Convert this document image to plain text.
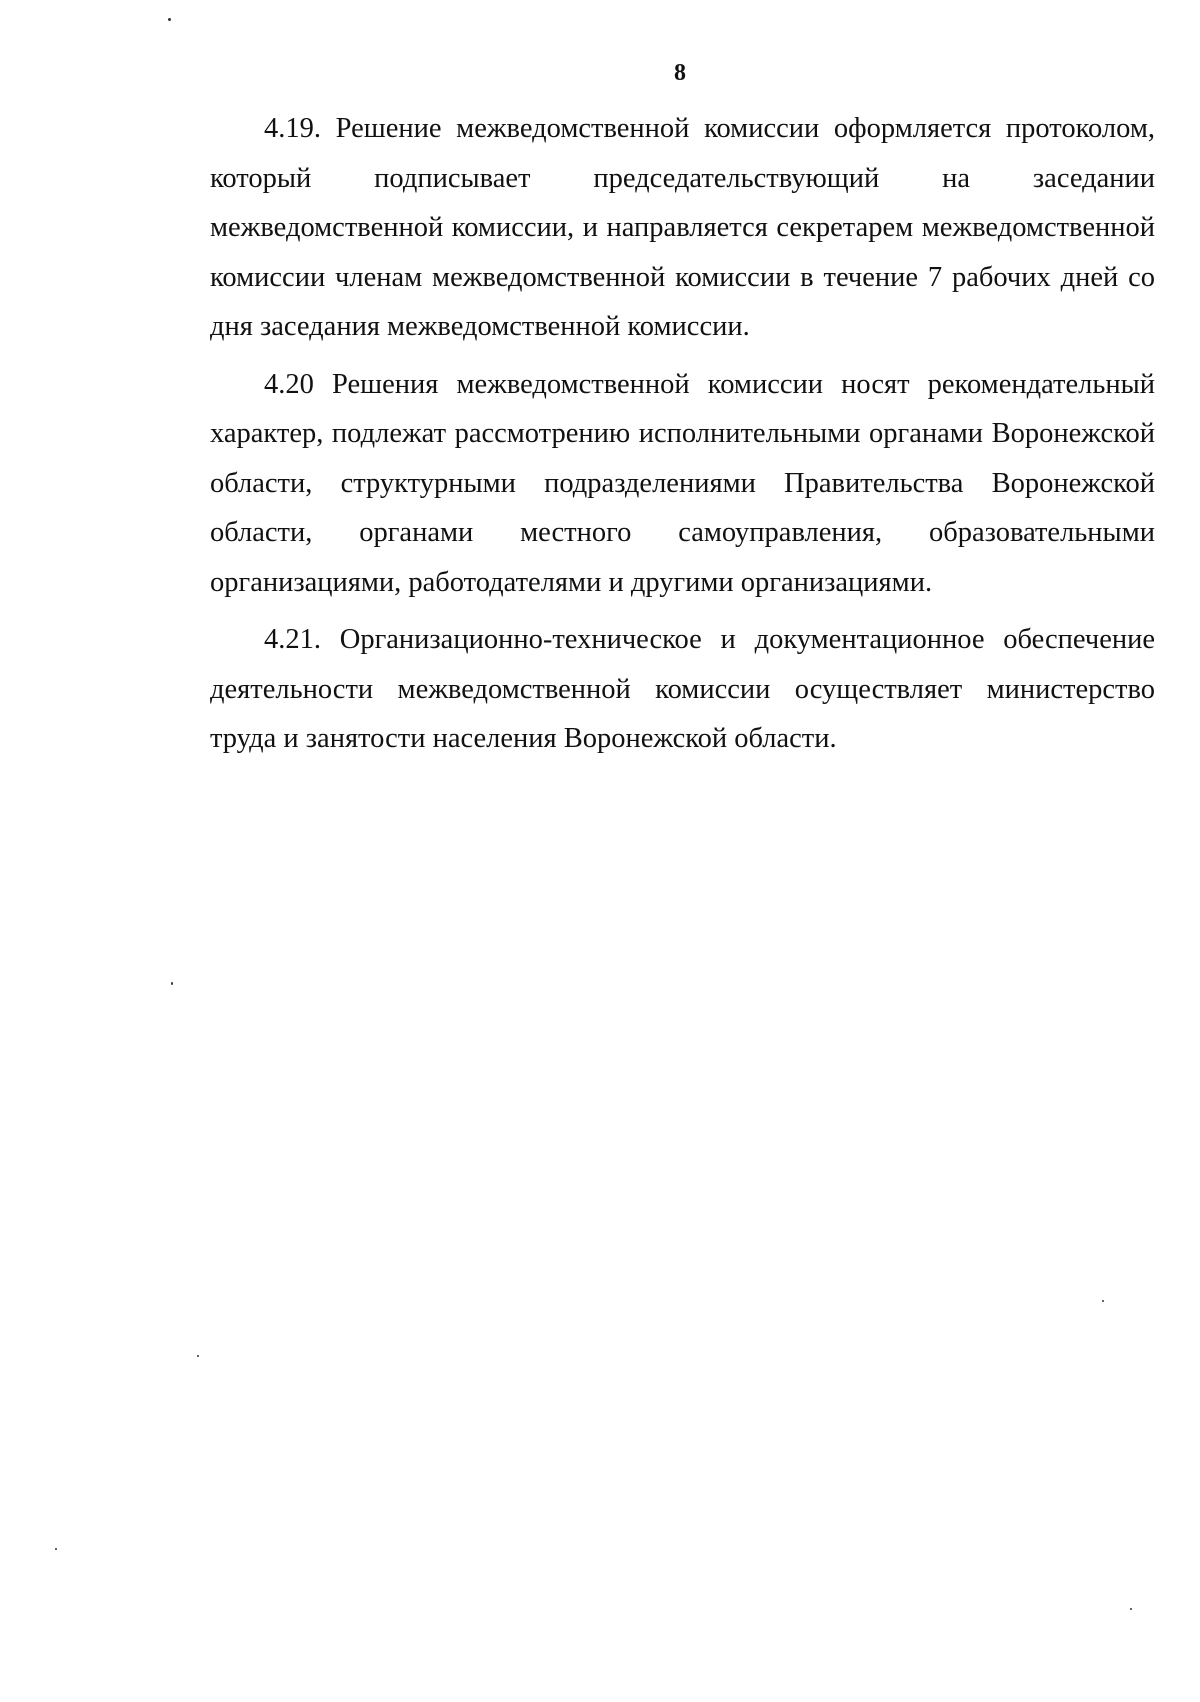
8

4.19. Решение межведомственной комиссии оформляется протоколом, который подписывает председательствующий на заседании межведомственной комиссии, и направляется секретарем межведомственной комиссии членам межведомственной комиссии в течение 7 рабочих дней со дня заседания межведомственной комиссии.

4.20 Решения межведомственной комиссии носят рекомендательный характер, подлежат рассмотрению исполнительными органами Воронежской области, структурными подразделениями Правительства Воронежской области, органами местного самоуправления, образовательными организациями, работодателями и другими организациями.

4.21. Организационно-техническое и документационное обеспечение деятельности межведомственной комиссии осуществляет министерство труда и занятости населения Воронежской области.
